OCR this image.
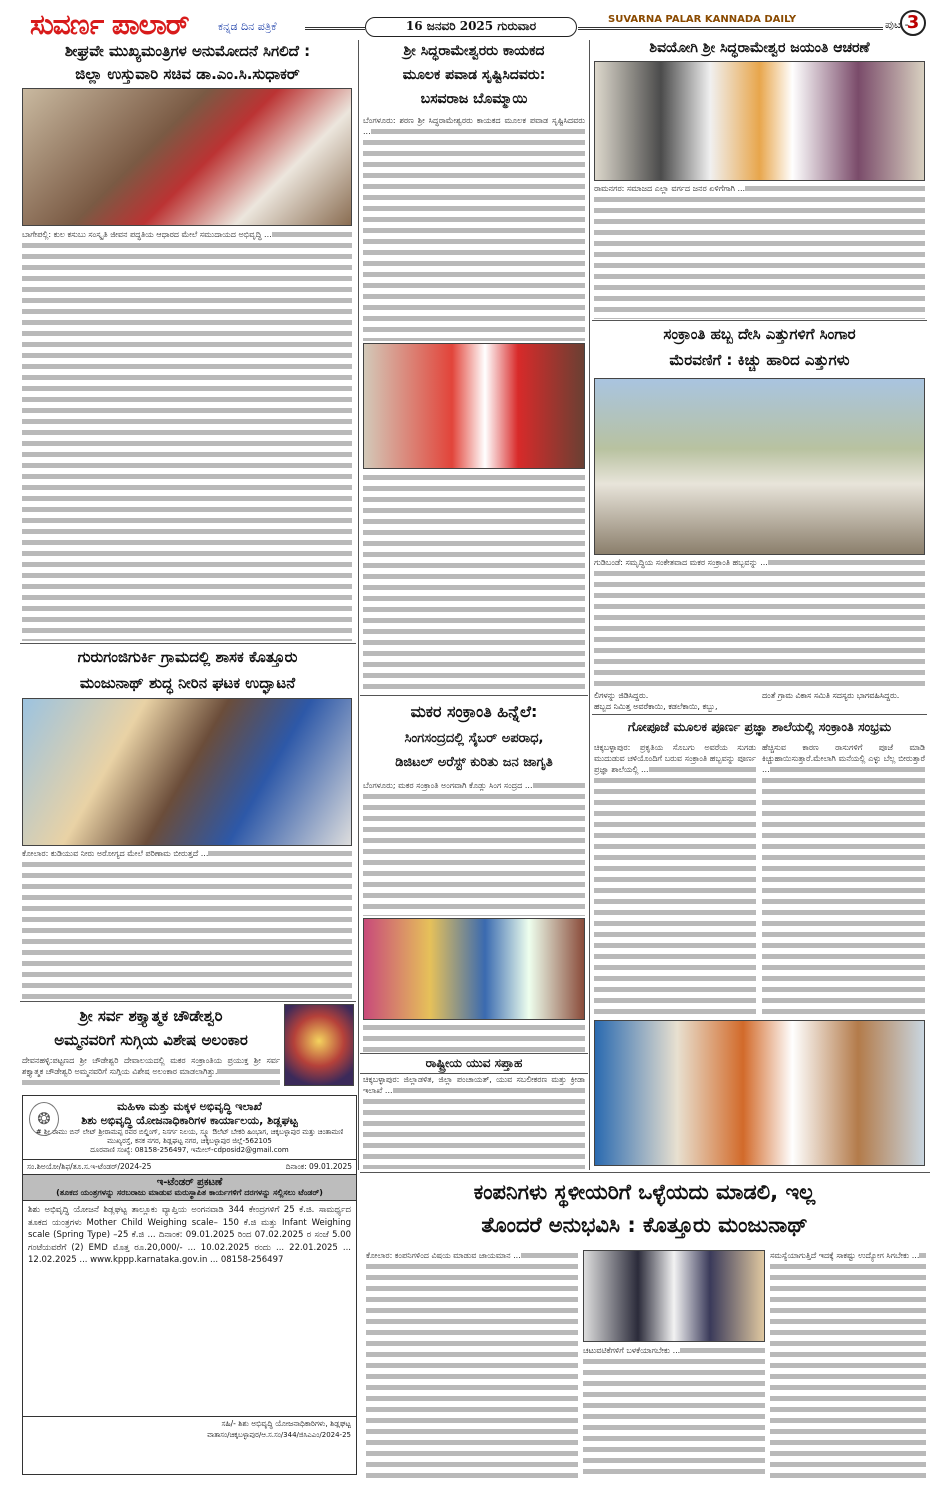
ಸುವರ್ಣ ಪಾಲಾರ್	ಕನ್ನಡ ದಿನ ಪತ್ರಿಕೆ	16 ಜನವರಿ 2025 ಗುರುವಾರ	SUVARNA PALAR KANNADA DAILY	ಪುಟ -
3
ಶೀಘ್ರವೇ ಮುಖ್ಯಮಂತ್ರಿಗಳ ಅನುಮೋದನೆ ಸಿಗಲಿದೆ :
ಜಿಲ್ಲಾ ಉಸ್ತುವಾರಿ ಸಚಿವ ಡಾ.ಎಂ.ಸಿ.ಸುಧಾಕರ್
ಬಾಗೇಪಲ್ಲಿ: ಕುಲ ಕಸುಬು ಸಂಸ್ಕೃತಿ ಜೀವನ ಪದ್ಧತಿಯ ಆಧಾರದ ಮೇಲೆ ಸಮುದಾಯದ ಅಭಿವೃದ್ಧಿ ...
ಗುರುಗಂಜಿಗುರ್ಕಿ ಗ್ರಾಮದಲ್ಲಿ ಶಾಸಕ ಕೊತ್ತೂರು
ಮಂಜುನಾಥ್ ಶುದ್ಧ ನೀರಿನ ಘಟಕ ಉದ್ಘಾಟನೆ
ಕೋಲಾರ: ಕುಡಿಯುವ ನೀರು ಅರೋಗ್ಯದ ಮೇಲೆ ಪರಿಣಾಮ ಬೀರುತ್ತದೆ ...
ಶ್ರೀ ಸರ್ವ ಶಕ್ತ್ಯಾತ್ಮಕ ಚೌಡೇಶ್ವರಿ
ಅಮ್ಮನವರಿಗೆ ಸುಗ್ಗಿಯ ವಿಶೇಷ ಅಲಂಕಾರ
ದೇವನಹಳ್ಳಿ:ಪಟ್ಟಣದ ಶ್ರೀ ಚೌಡೇಶ್ವರಿ ದೇವಾಲಯದಲ್ಲಿ ಮಕರ ಸಂಕ್ರಾಂತಿಯ ಪ್ರಯುಕ್ತ ಶ್ರೀ ಸರ್ವ ಶಕ್ತ್ಯಾತ್ಮಕ ಚೌಡೇಶ್ವರಿ ಅಮ್ಮನವರಿಗೆ ಸುಗ್ಗಿಯ ವಿಶೇಷ ಅಲಂಕಾರ ಮಾಡಲಾಗಿತ್ತು.
❂
ಮಹಿಳಾ ಮತ್ತು ಮಕ್ಕಳ ಅಭಿವೃದ್ಧಿ ಇಲಾಖೆ
ಶಿಶು ಅಭಿವೃದ್ಧಿ ಯೋಜನಾಧಿಕಾರಿಗಳ ಕಾರ್ಯಾಲಯ, ಶಿಡ್ಲಘಟ್ಟ
# ಶ್ರೀ ರಾಮು ಬಿನ್ ಲೇಟ್ ಶ್ರೀರಾಮಪ್ಪ ರವರ ಬಿಲ್ಡಿಂಗ್, ನಿಸರ್ಗ ನಿಲಯ, ಸ್ಕ್ಯೂ ಔಲೆಟ್ ಬೇಕರಿ ಹಿಂಭಾಗ, ಚಿಕ್ಕಬಳ್ಳಾಪುರ ಮತ್ತು ಚಿಂತಾಮಣಿ ಮುಖ್ಯರಸ್ತೆ, ಕನಕ ನಗರ, ಶಿಡ್ಲಘಟ್ಟ ನಗರ, ಚಿಕ್ಕಬಳ್ಳಾಪುರ ಜಿಲ್ಲೆ-562105
ದೂರವಾಣಿ ಸಂಖ್ಯೆ: 08158-256497, ಇಮೇಲ್-cdposid2@gmail.com
ಸಂ.ಶಿಅಯೋ/ಶಿಫ/ತೂ.ಸ.ಇ-ಟೆಂಡರ್/2024-25	ದಿನಾಂಕ: 09.01.2025
ಇ-ಟೆಂಡರ್ ಪ್ರಕಟಣೆ
(ತೂಕದ ಯಂತ್ರಗಳನ್ನು ಸರಬರಾಜು ಮಾಡುವ ಮರುಸ್ಥಾಪಿತ ಕಾರ್ಯಗಳಿಗೆ ದರಗಳನ್ನು ಸಲ್ಲಿಸಲು ಟೆಂಡರ್)
ಶಿಶು ಅಭಿವೃದ್ಧಿ ಯೋಜನೆ ಶಿಡ್ಲಘಟ್ಟ ತಾಲ್ಲೂಕು ವ್ಯಾಪ್ತಿಯ ಅಂಗನವಾಡಿ 344 ಕೇಂದ್ರಗಳಿಗೆ 25 ಕೆ.ಜಿ. ಸಾಮರ್ಥ್ಯದ ತೂಕದ ಯಂತ್ರಗಳು Mother Child Weighing scale– 150 ಕೆ.ಜಿ ಮತ್ತು Infant Weighing scale (Spring Type) –25 ಕೆ.ಜಿ ... ದಿನಾಂಕ: 09.01.2025 ರಿಂದ 07.02.2025 ರ ಸಂಜೆ 5.00 ಗಂಟೆಯವರೆಗೆ (2) EMD ಮೊತ್ತ ರೂ.20,000/- ... 10.02.2025 ರಂದು ... 22.01.2025 ... 12.02.2025 ... www.kppp.karnataka.gov.in ... 08158-256497
ಸಹಿ/- ಶಿಶು ಅಭಿವೃದ್ಧಿ ಯೋಜನಾಧಿಕಾರಿಗಳು, ಶಿಡ್ಲಘಟ್ಟ
ವಾತಾಸಂ/ಚಿಕ್ಕಬಳ್ಳಾಪುರ/ಆ.ಸ.ಸಂ/344/ಜಿಸಿಎಎಂ/2024-25
ಶ್ರೀ ಸಿದ್ಧರಾಮೇಶ್ವರರು ಕಾಯಕದ
ಮೂಲಕ ಪವಾಡ ಸೃಷ್ಟಿಸಿದವರು:
ಬಸವರಾಜ ಬೊಮ್ಮಾಯಿ
ಬೆಂಗಳೂರು: ಶರಣ ಶ್ರೀ ಸಿದ್ಧರಾಮೇಶ್ವರರು ಕಾಯಕದ ಮೂಲಕ ಪವಾಡ ಸೃಷ್ಟಿಸಿದವರು ...
ಮಕರ ಸಂಕ್ರಾಂತಿ ಹಿನ್ನೆಲೆ:
ಸಿಂಗಸಂದ್ರದಲ್ಲಿ ಸೈಬರ್ ಅಪರಾಧ,
ಡಿಜಿಟಲ್ ಅರೆಸ್ಟ್ ಕುರಿತು ಜನ ಜಾಗೃತಿ
ಬೆಂಗಳೂರು; ಮಕರ ಸಂಕ್ರಾಂತಿ ಅಂಗವಾಗಿ ಕೊಡ್ಲು ಸಿಂಗ ಸಂದ್ರದ ...
ರಾಷ್ಟ್ರೀಯ ಯುವ ಸಪ್ತಾಹ
ಚಿಕ್ಕಬಳ್ಳಾಪುರ: ಜಿಲ್ಲಾಡಳಿತ, ಜಿಲ್ಲಾ ಪಂಚಾಯತ್, ಯುವ ಸಬಲೀಕರಣ ಮತ್ತು ಕ್ರೀಡಾ ಇಲಾಖೆ ...
ಶಿವಯೋಗಿ ಶ್ರೀ ಸಿದ್ಧರಾಮೇಶ್ವರ ಜಯಂತಿ ಆಚರಣೆ
ರಾಮನಗರ: ಸಮಾಜದ ಎಲ್ಲಾ ವರ್ಗದ ಜನರ ಏಳಿಗೆಗಾಗಿ ...
ಸಂಕ್ರಾಂತಿ ಹಬ್ಬ ದೇಸಿ ಎತ್ತುಗಳಿಗೆ ಸಿಂಗಾರ
ಮೆರವಣಿಗೆ : ಕಿಚ್ಚು ಹಾರಿದ ಎತ್ತುಗಳು
ಗುಡಿಬಂಡೆ: ಸಮೃದ್ಧಿಯ ಸಂಕೇತವಾದ ಮಕರ ಸಂಕ್ರಾಂತಿ ಹಬ್ಬವನ್ನು ...
ಲಿಗಳನ್ನು ಜಿಡಿಸಿದ್ದರು.
ಹಬ್ಬದ ನಿಮಿತ್ತ ಅವರೆಕಾಯಿ, ಕಡಲೆಕಾಯಿ, ಕಬ್ಬು,
ದಂತೆ ಗ್ರಾಮ ವಿಕಾಸ ಸಮಿತಿ ಸದಸ್ಯರು ಭಾಗವಹಿಸಿದ್ದರು.
ಗೋಪೂಜೆ ಮೂಲಕ ಪೂರ್ಣ ಪ್ರಜ್ಞಾ ಶಾಲೆಯಲ್ಲಿ ಸಂಕ್ರಾಂತಿ ಸಂಭ್ರಮ
ಚಿಕ್ಕಬಳ್ಳಾಪುರ: ಪ್ರಕೃತಿಯ ಸೊಬಗು ಅವರೆಯ ಸುಗಡು ಮುದುಡುವ ಚಳಿಯೊಂದಿಗೆ ಬರುವ ಸಂಕ್ರಾಂತಿ ಹಬ್ಬವನ್ನು ಪೂರ್ಣ ಪ್ರಜ್ಞಾ ಶಾಲೆಯಲ್ಲಿ ...
ಹೆಚ್ಚಿಸುವ ಕಾರಣ ರಾಸುಗಳಿಗೆ ಪೂಜೆ ಮಾಡಿ ಕಿಚ್ಚುಹಾಯಿಸುತ್ತಾರೆ.ಮೇಲಾಗಿ ಮನೆಯಲ್ಲಿ ಎಳ್ಳು ಬೆಲ್ಲ ಬೀರುತ್ತಾರೆ ...
ಕಂಪನಿಗಳು ಸ್ಥಳೀಯರಿಗೆ ಒಳ್ಳೆಯದು ಮಾಡಲಿ, ಇಲ್ಲ
ತೊಂದರೆ ಅನುಭವಿಸಿ : ಕೊತ್ತೂರು ಮಂಜುನಾಥ್
ಕೋಲಾರ: ಕಂಪನಿಗಳಿಂದ ವಿಷಯ ಮಾಡುವ ಜಾಯಮಾನ ...
ಚಟುವಟಿಕೆಗಳಿಗೆ ಬಳಕೆಯಾಗಬೇಕು ...
ಸಮಸ್ಯೆಯಾಗುತ್ತಿದೆ ಇದಕ್ಕೆ ಸಾಕಷ್ಟು ಉದ್ಯೋಗ ಸಿಗಬೇಕು ...
